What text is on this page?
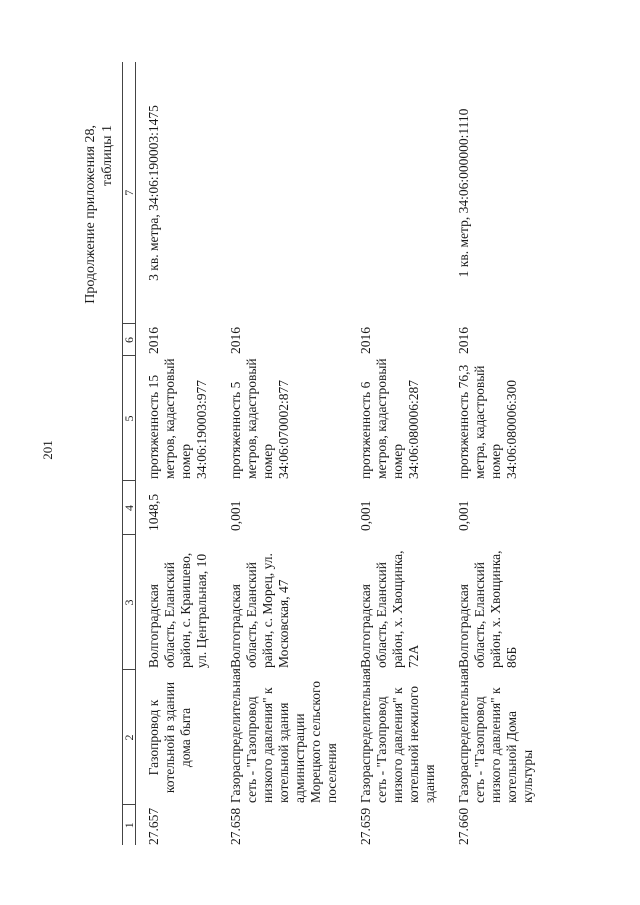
201
Продолжение приложения 28, таблицы 1
1	2	3	4	5	6	7
27.657	Газопровод к котельной в здании дома быта	Волгоградская область, Еланский район, с. Краишево, ул. Центральная, 10	1048,5	протяженность 15 метров, кадастровый номер 34:06:190003:977	2016	3 кв. метра, 34:06:190003:1475
27.658	Газораспределительная сеть - "Газопровод низкого давления" к котельной здания администрации Морецкого сельского поселения	Волгоградская область, Еланский район, с. Морец, ул. Московская, 47	0,001	протяженность 5 метров, кадастровый номер 34:06:070002:877	2016	
27.659	Газораспределительная сеть - "Газопровод низкого давления" к котельной нежилого здания	Волгоградская область, Еланский район, х. Хвощинка, 72А	0,001	протяженность 6 метров, кадастровый номер 34:06:080006:287	2016	
27.660	Газораспределительная сеть - "Газопровод низкого давления" к котельной Дома культуры	Волгоградская область, Еланский район, х. Хвощинка, 86Б	0,001	протяженность 76,3 метра, кадастровый номер 34:06:080006:300	2016	1 кв. метр, 34:06:000000:1110
